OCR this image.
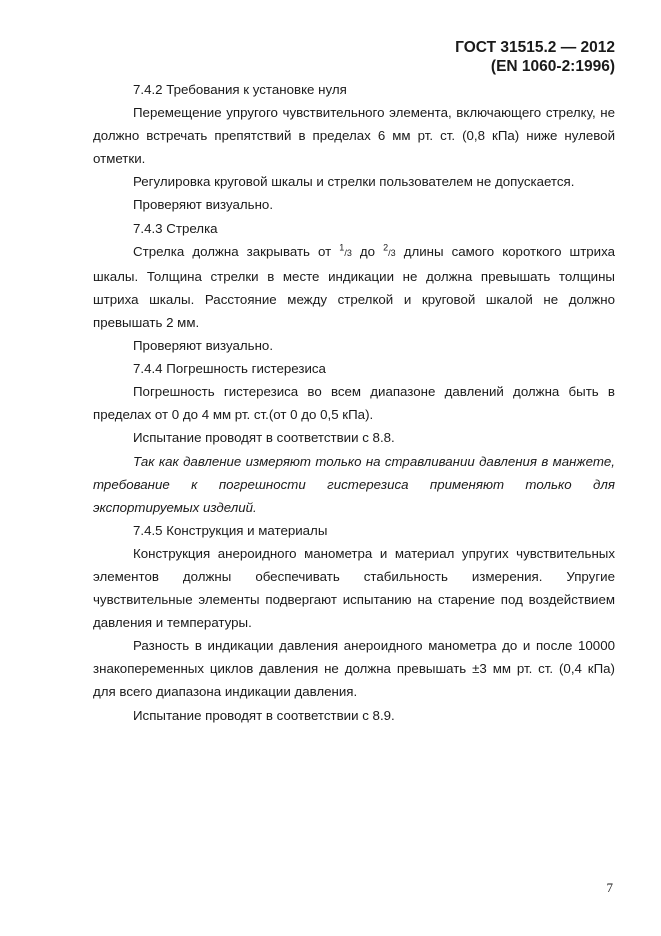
ГОСТ 31515.2 — 2012
(EN 1060-2:1996)

7.4.2 Требования к установке нуля

Перемещение упругого чувствительного элемента, включающего стрелку, не должно встречать препятствий в пределах 6 мм рт. ст. (0,8 кПа) ниже нулевой отметки.

Регулировка круговой шкалы и стрелки пользователем не допускается.

Проверяют визуально.

7.4.3 Стрелка

Стрелка должна закрывать от $^1$/3 до $^2$/3 длины самого короткого штриха шкалы. Толщина стрелки в месте индикации не должна превышать толщины штриха шкалы. Расстояние между стрелкой и круговой шкалой не должно превышать 2 мм.

Проверяют визуально.

7.4.4 Погрешность гистерезиса

Погрешность гистерезиса во всем диапазоне давлений должна быть в пределах от 0 до 4 мм рт. ст.(от 0 до 0,5 кПа).

Испытание проводят в соответствии с 8.8.

Так как давление измеряют только на стравливании давления в манжете, требование к погрешности гистерезиса применяют только для экспортируемых изделий.

7.4.5 Конструкция и материалы

Конструкция анероидного манометра и материал упругих чувствительных элементов должны обеспечивать стабильность измерения. Упругие чувствительные элементы подвергают испытанию на старение под воздействием давления и температуры.

Разность в индикации давления анероидного манометра до и после 10000 знакопеременных циклов давления не должна превышать ±3 мм рт. ст. (0,4 кПа) для всего диапазона индикации давления.

Испытание проводят в соответствии с 8.9.

7
